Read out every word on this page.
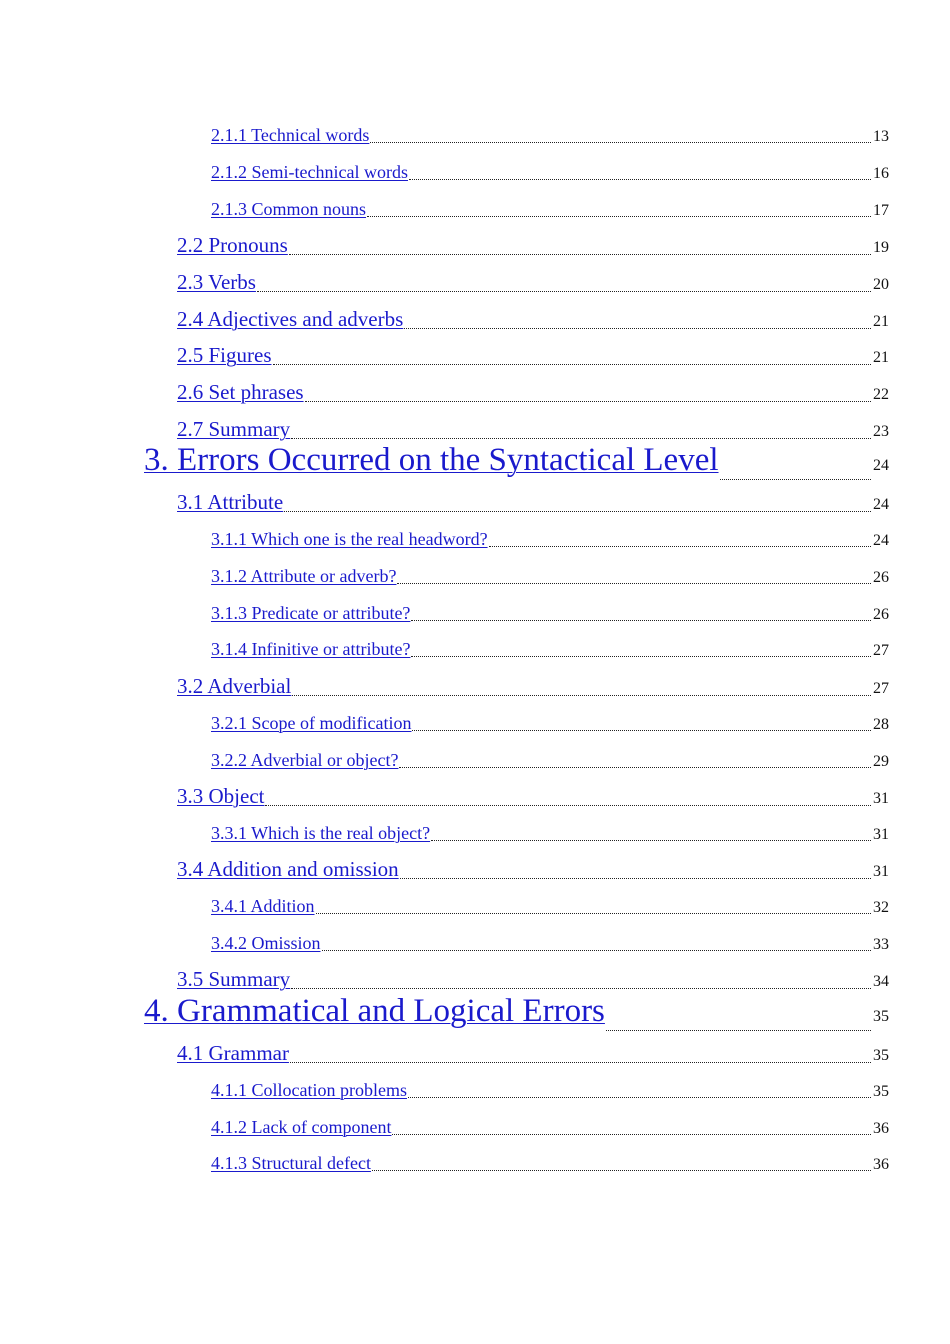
2.1.1 Technical words	13
2.1.2 Semi-technical words	16
2.1.3 Common nouns	17
2.2 Pronouns	19
2.3 Verbs	20
2.4 Adjectives and adverbs	21
2.5 Figures	21
2.6 Set phrases	22
2.7 Summary	23
3. Errors Occurred on the Syntactical Level	24
3.1 Attribute	24
3.1.1 Which one is the real headword?	24
3.1.2 Attribute or adverb?	26
3.1.3 Predicate or attribute?	26
3.1.4 Infinitive or attribute?	27
3.2 Adverbial	27
3.2.1 Scope of modification	28
3.2.2 Adverbial or object?	29
3.3 Object	31
3.3.1 Which is the real object?	31
3.4 Addition and omission	31
3.4.1 Addition	32
3.4.2 Omission	33
3.5 Summary	34
4. Grammatical and Logical Errors	35
4.1 Grammar	35
4.1.1 Collocation problems	35
4.1.2 Lack of component	36
4.1.3 Structural defect	36
